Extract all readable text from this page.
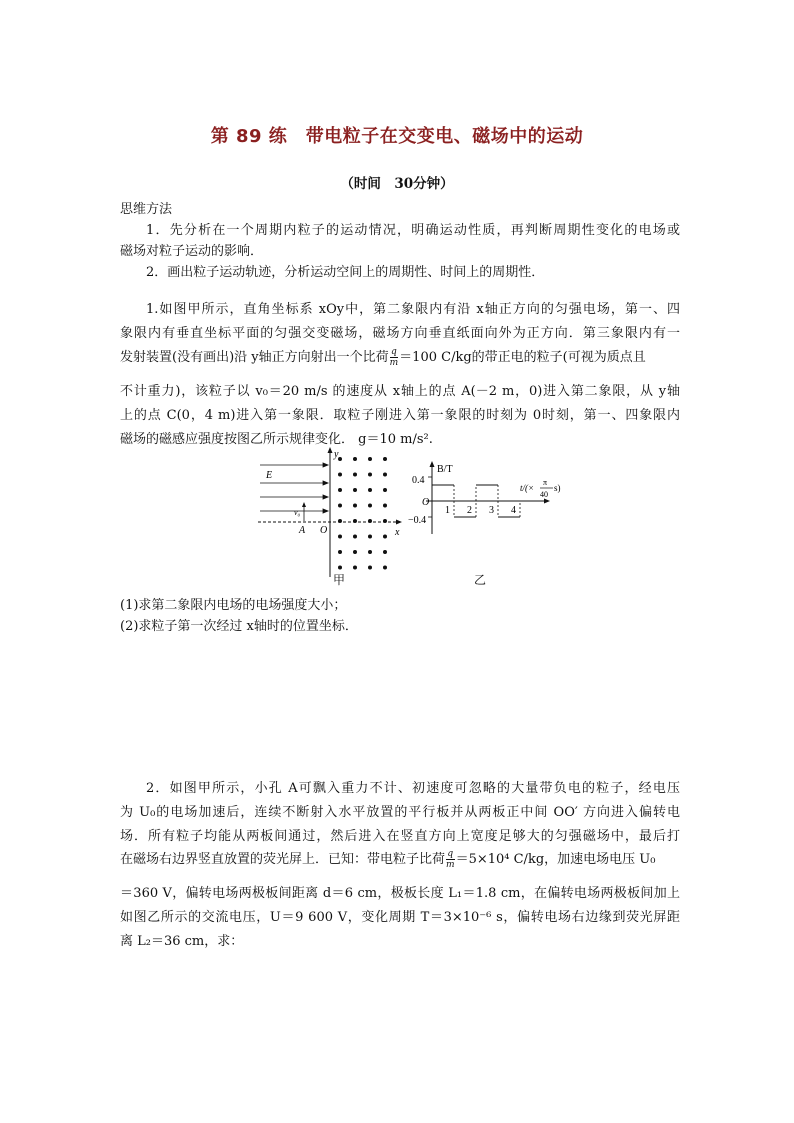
第 89 练　带电粒子在交变电、磁场中的运动
（时间　30分钟）
思维方法
1．先分析在一个周期内粒子的运动情况，明确运动性质，再判断周期性变化的电场或
磁场对粒子运动的影响．
2．画出粒子运动轨迹，分析运动空间上的周期性、时间上的周期性．
1.如图甲所示，直角坐标系 xOy中，第二象限内有沿 x轴正方向的匀强电场，第一、四
象限内有垂直坐标平面的匀强交变磁场，磁场方向垂直纸面向外为正方向．第三象限内有一
发射装置(没有画出)沿 y轴正方向射出一个比荷 $\frac{q}{m} =100$ C/kg的带正电的粒子(可视为质点且
不计重力)，该粒子以 v₀＝20 m/s 的速度从 x轴上的点 A(－2 m，0)进入第二象限，从 y轴
上的点 C(0，4 m)进入第一象限．取粒子刚进入第一象限的时刻为 0时刻，第一、四象限内
磁场的磁感应强度按图乙所示规律变化． g＝10 m/s².
y
x
E
v₀
A O
甲
1 2 3 4
B/T
0.4
−0.4
O
t/(×
π
40
s)
乙
(1)求第二象限内电场的电场强度大小；
(2)求粒子第一次经过 x轴时的位置坐标．
2．如图甲所示，小孔 A可飘入重力不计、初速度可忽略的大量带负电的粒子，经电压
为 U₀的电场加速后，连续不断射入水平放置的平行板并从两板正中间 OO′ 方向进入偏转电
场．所有粒子均能从两板间通过，然后进入在竖直方向上宽度足够大的匀强磁场中，最后打
在磁场右边界竖直放置的荧光屏上．已知：带电粒子比荷 $\frac{q}{m} =5\times 10^4$ C/kg，加速电场电压 U₀
＝360 V，偏转电场两极板间距离 d＝6 cm，极板长度 L₁＝1.8 cm，在偏转电场两极板间加上
如图乙所示的交流电压，U＝9 600 V，变化周期 T＝3×10⁻⁶ s，偏转电场右边缘到荧光屏距
离 L₂＝36 cm，求：
